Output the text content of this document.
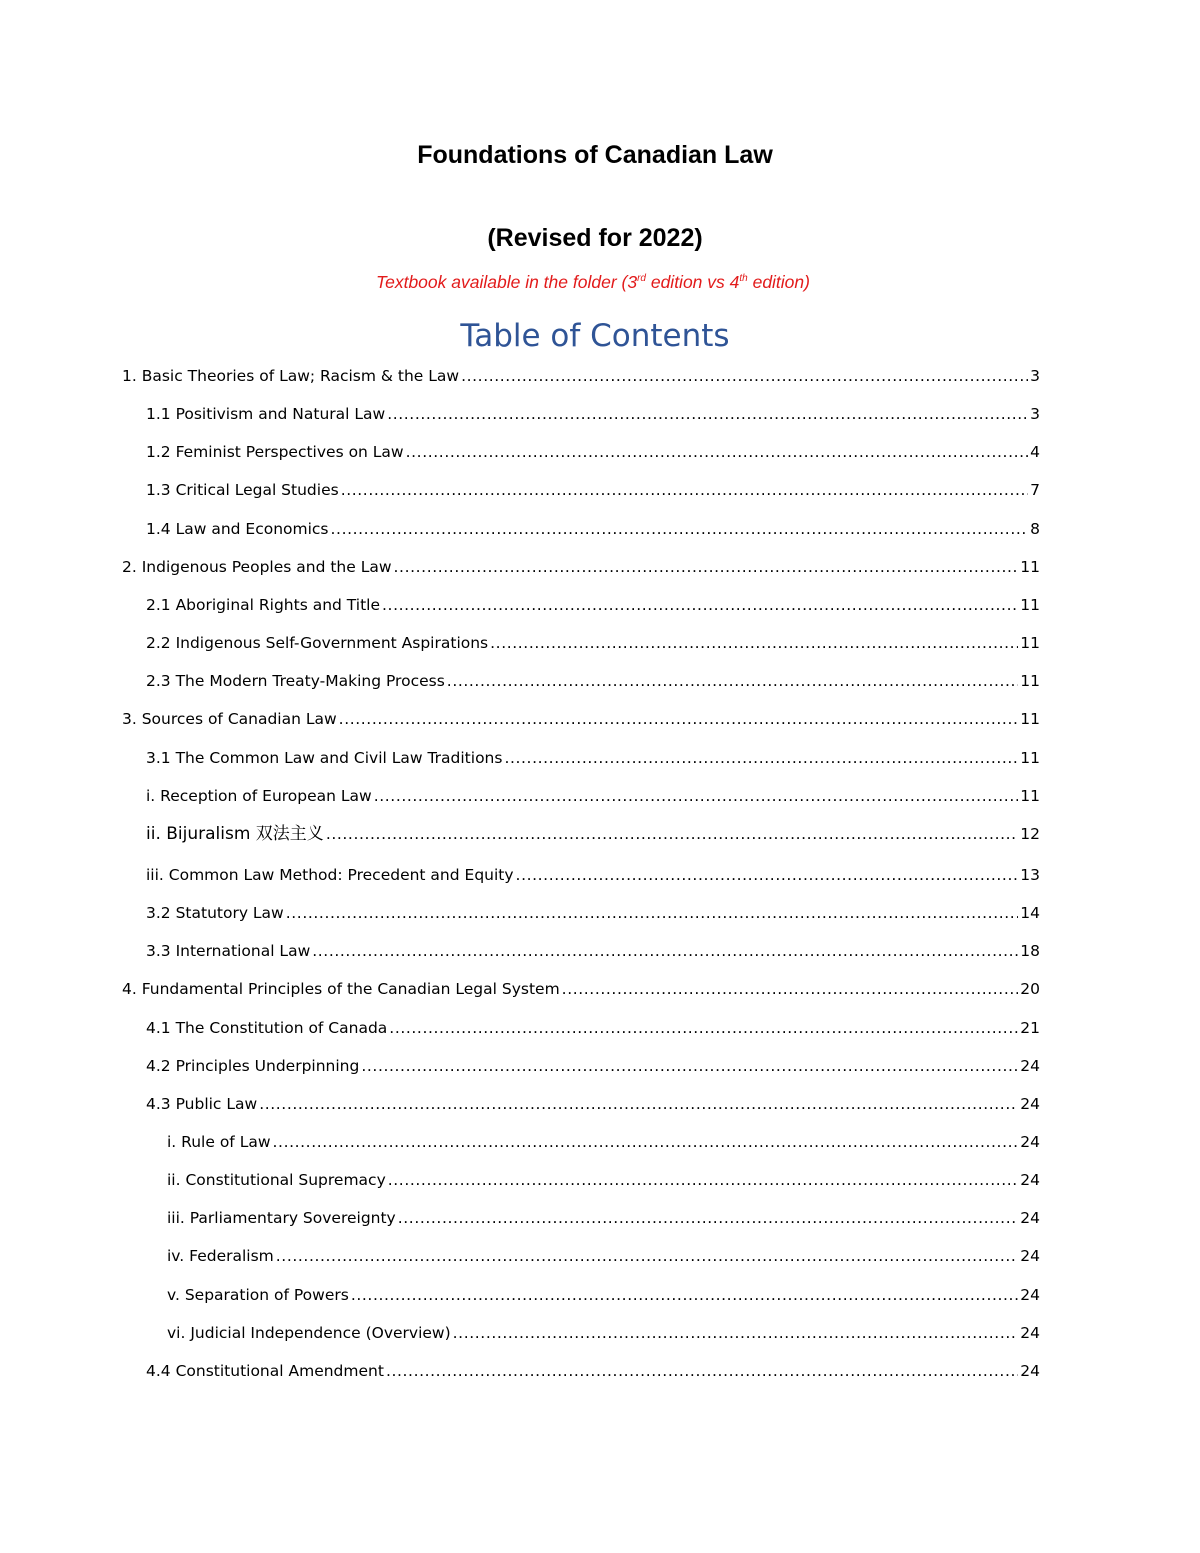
Foundations of Canadian Law
(Revised for 2022)
Textbook available in the folder (3rd edition vs 4th edition)
Table of Contents
1. Basic Theories of Law; Racism & the Law .....	3
1.1 Positivism and Natural Law .....	3
1.2 Feminist Perspectives on Law .....	4
1.3 Critical Legal Studies .....	7
1.4 Law and Economics .....	8
2. Indigenous Peoples and the Law .....	11
2.1 Aboriginal Rights and Title .....	11
2.2 Indigenous Self-Government Aspirations .....	11
2.3 The Modern Treaty-Making Process .....	11
3. Sources of Canadian Law .....	11
3.1 The Common Law and Civil Law Traditions .....	11
i. Reception of European Law .....	11
ii. Bijuralism 双法主义 .....	12
iii. Common Law Method: Precedent and Equity .....	13
3.2 Statutory Law .....	14
3.3 International Law .....	18
4. Fundamental Principles of the Canadian Legal System .....	20
4.1 The Constitution of Canada .....	21
4.2 Principles Underpinning .....	24
4.3 Public Law .....	24
i. Rule of Law .....	24
ii. Constitutional Supremacy .....	24
iii. Parliamentary Sovereignty .....	24
iv. Federalism .....	24
v. Separation of Powers .....	24
vi. Judicial Independence (Overview) .....	24
4.4 Constitutional Amendment .....	24
